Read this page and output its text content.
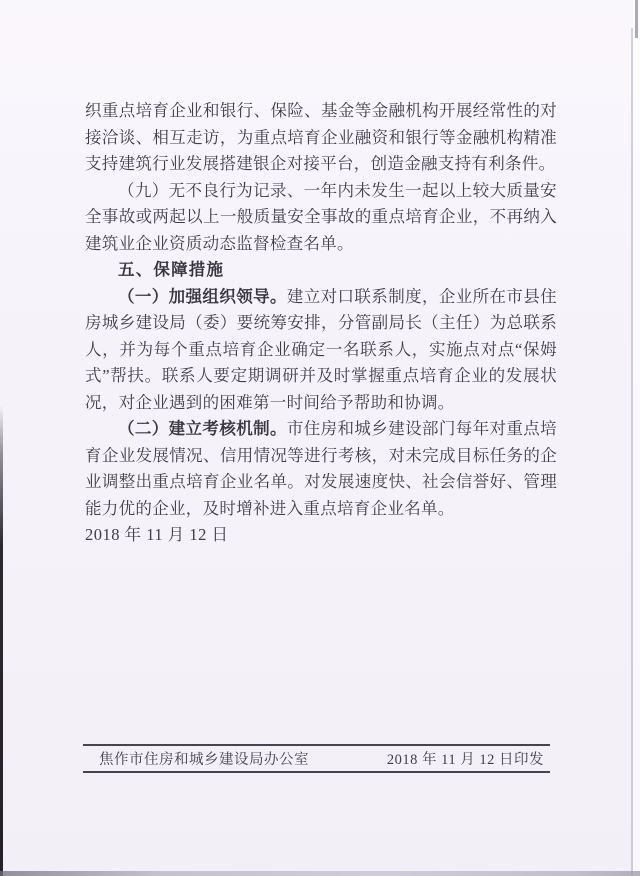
织重点培育企业和银行、保险、基金等金融机构开展经常性的对接洽谈、相互走访，为重点培育企业融资和银行等金融机构精准支持建筑行业发展搭建银企对接平台，创造金融支持有利条件。

（九）无不良行为记录、一年内未发生一起以上较大质量安全事故或两起以上一般质量安全事故的重点培育企业，不再纳入建筑业企业资质动态监督检查名单。

五、保障措施

（一）加强组织领导。建立对口联系制度，企业所在市县住房城乡建设局（委）要统筹安排，分管副局长（主任）为总联系人，并为每个重点培育企业确定一名联系人，实施点对点“保姆式”帮扶。联系人要定期调研并及时掌握重点培育企业的发展状况，对企业遇到的困难第一时间给予帮助和协调。

（二）建立考核机制。市住房和城乡建设部门每年对重点培育企业发展情况、信用情况等进行考核，对未完成目标任务的企业调整出重点培育企业名单。对发展速度快、社会信誉好、管理能力优的企业，及时增补进入重点培育企业名单。

2018 年 11 月 12 日

焦作市住房和城乡建设局办公室	2018 年 11 月 12 日印发
